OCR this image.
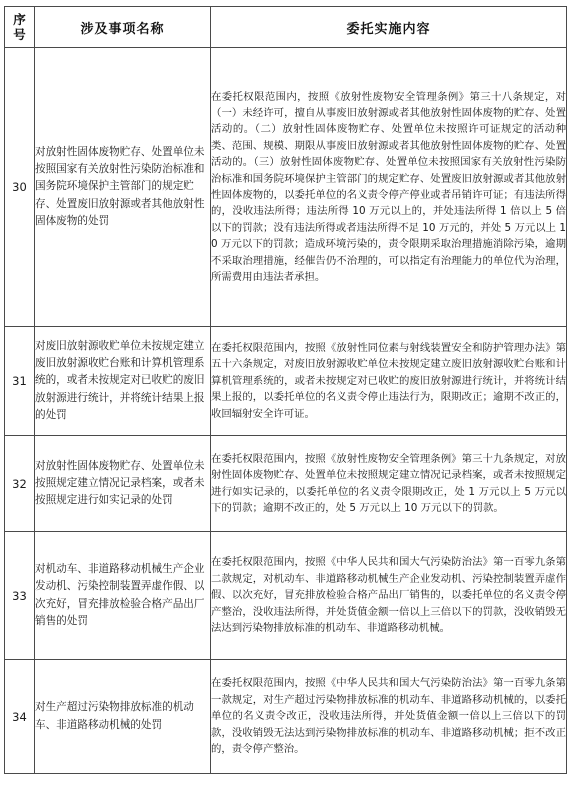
序
号	涉及事项名称	委托实施内容
30	对放射性固体废物贮存、处置单位未按照国家有关放射性污染防治标准和国务院环境保护主管部门的规定贮存、处置废旧放射源或者其他放射性固体废物的处罚	在委托权限范围内，按照《放射性废物安全管理条例》第三十八条规定，对（一）未经许可，擅自从事废旧放射源或者其他放射性固体废物的贮存、处置活动的。（二）放射性固体废物贮存、处置单位未按照许可证规定的活动种类、范围、规模、期限从事废旧放射源或者其他放射性固体废物的贮存、处置活动的。（三）放射性固体废物贮存、处置单位未按照国家有关放射性污染防治标准和国务院环境保护主管部门的规定贮存、处置废旧放射源或者其他放射性固体废物的，以委托单位的名义责令停产停业或者吊销许可证；有违法所得的，没收违法所得；违法所得 10 万元以上的，并处违法所得 1 倍以上 5 倍以下的罚款；没有违法所得或者违法所得不足 10 万元的，并处 5 万元以上 10 万元以下的罚款；造成环境污染的，责令限期采取治理措施消除污染，逾期不采取治理措施，经催告仍不治理的，可以指定有治理能力的单位代为治理，所需费用由违法者承担。
31	对废旧放射源收贮单位未按规定建立废旧放射源收贮台账和计算机管理系统的，或者未按规定对已收贮的废旧放射源进行统计，并将统计结果上报的处罚	在委托权限范围内，按照《放射性同位素与射线装置安全和防护管理办法》第五十六条规定，对废旧放射源收贮单位未按规定建立废旧放射源收贮台账和计算机管理系统的，或者未按规定对已收贮的废旧放射源进行统计，并将统计结果上报的，以委托单位的名义责令停止违法行为，限期改正；逾期不改正的，收回辐射安全许可证。
32	对放射性固体废物贮存、处置单位未按照规定建立情况记录档案，或者未按照规定进行如实记录的处罚	在委托权限范围内，按照《放射性废物安全管理条例》第三十九条规定，对放射性固体废物贮存、处置单位未按照规定建立情况记录档案，或者未按照规定进行如实记录的，以委托单位的名义责令限期改正，处 1 万元以上 5 万元以下的罚款；逾期不改正的，处 5 万元以上 10 万元以下的罚款。
33	对机动车、非道路移动机械生产企业发动机、污染控制装置弄虚作假、以次充好，冒充排放检验合格产品出厂销售的处罚	在委托权限范围内，按照《中华人民共和国大气污染防治法》第一百零九条第二款规定，对机动车、非道路移动机械生产企业发动机、污染控制装置弄虚作假、以次充好，冒充排放检验合格产品出厂销售的，以委托单位的名义责令停产整治，没收违法所得，并处货值金额一倍以上三倍以下的罚款，没收销毁无法达到污染物排放标准的机动车、非道路移动机械。
34	对生产超过污染物排放标准的机动车、非道路移动机械的处罚	在委托权限范围内，按照《中华人民共和国大气污染防治法》第一百零九条第一款规定，对生产超过污染物排放标准的机动车、非道路移动机械的，以委托单位的名义责令改正，没收违法所得，并处货值金额一倍以上三倍以下的罚款，没收销毁无法达到污染物排放标准的机动车、非道路移动机械；拒不改正的，责令停产整治。
